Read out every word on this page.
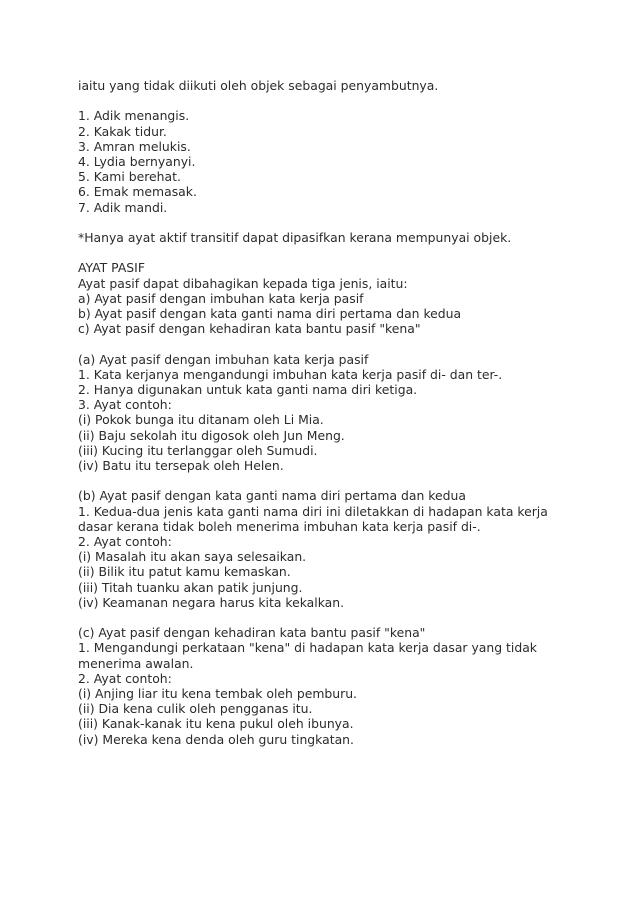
iaitu yang tidak diikuti oleh objek sebagai penyambutnya.
1. Adik menangis.
2. Kakak tidur.
3. Amran melukis.
4. Lydia bernyanyi.
5. Kami berehat.
6. Emak memasak.
7. Adik mandi.
*Hanya ayat aktif transitif dapat dipasifkan kerana mempunyai objek.
AYAT PASIF
Ayat pasif dapat dibahagikan kepada tiga jenis, iaitu:
a) Ayat pasif dengan imbuhan kata kerja pasif
b) Ayat pasif dengan kata ganti nama diri pertama dan kedua
c) Ayat pasif dengan kehadiran kata bantu pasif "kena"
(a) Ayat pasif dengan imbuhan kata kerja pasif
1. Kata kerjanya mengandungi imbuhan kata kerja pasif di- dan ter-.
2. Hanya digunakan untuk kata ganti nama diri ketiga.
3. Ayat contoh:
(i) Pokok bunga itu ditanam oleh Li Mia.
(ii) Baju sekolah itu digosok oleh Jun Meng.
(iii) Kucing itu terlanggar oleh Sumudi.
(iv) Batu itu tersepak oleh Helen.
(b) Ayat pasif dengan kata ganti nama diri pertama dan kedua
1. Kedua-dua jenis kata ganti nama diri ini diletakkan di hadapan kata kerja
dasar kerana tidak boleh menerima imbuhan kata kerja pasif di-.
2. Ayat contoh:
(i) Masalah itu akan saya selesaikan.
(ii) Bilik itu patut kamu kemaskan.
(iii) Titah tuanku akan patik junjung.
(iv) Keamanan negara harus kita kekalkan.
(c) Ayat pasif dengan kehadiran kata bantu pasif "kena"
1. Mengandungi perkataan "kena" di hadapan kata kerja dasar yang tidak
menerima awalan.
2. Ayat contoh:
(i) Anjing liar itu kena tembak oleh pemburu.
(ii) Dia kena culik oleh pengganas itu.
(iii) Kanak-kanak itu kena pukul oleh ibunya.
(iv) Mereka kena denda oleh guru tingkatan.
